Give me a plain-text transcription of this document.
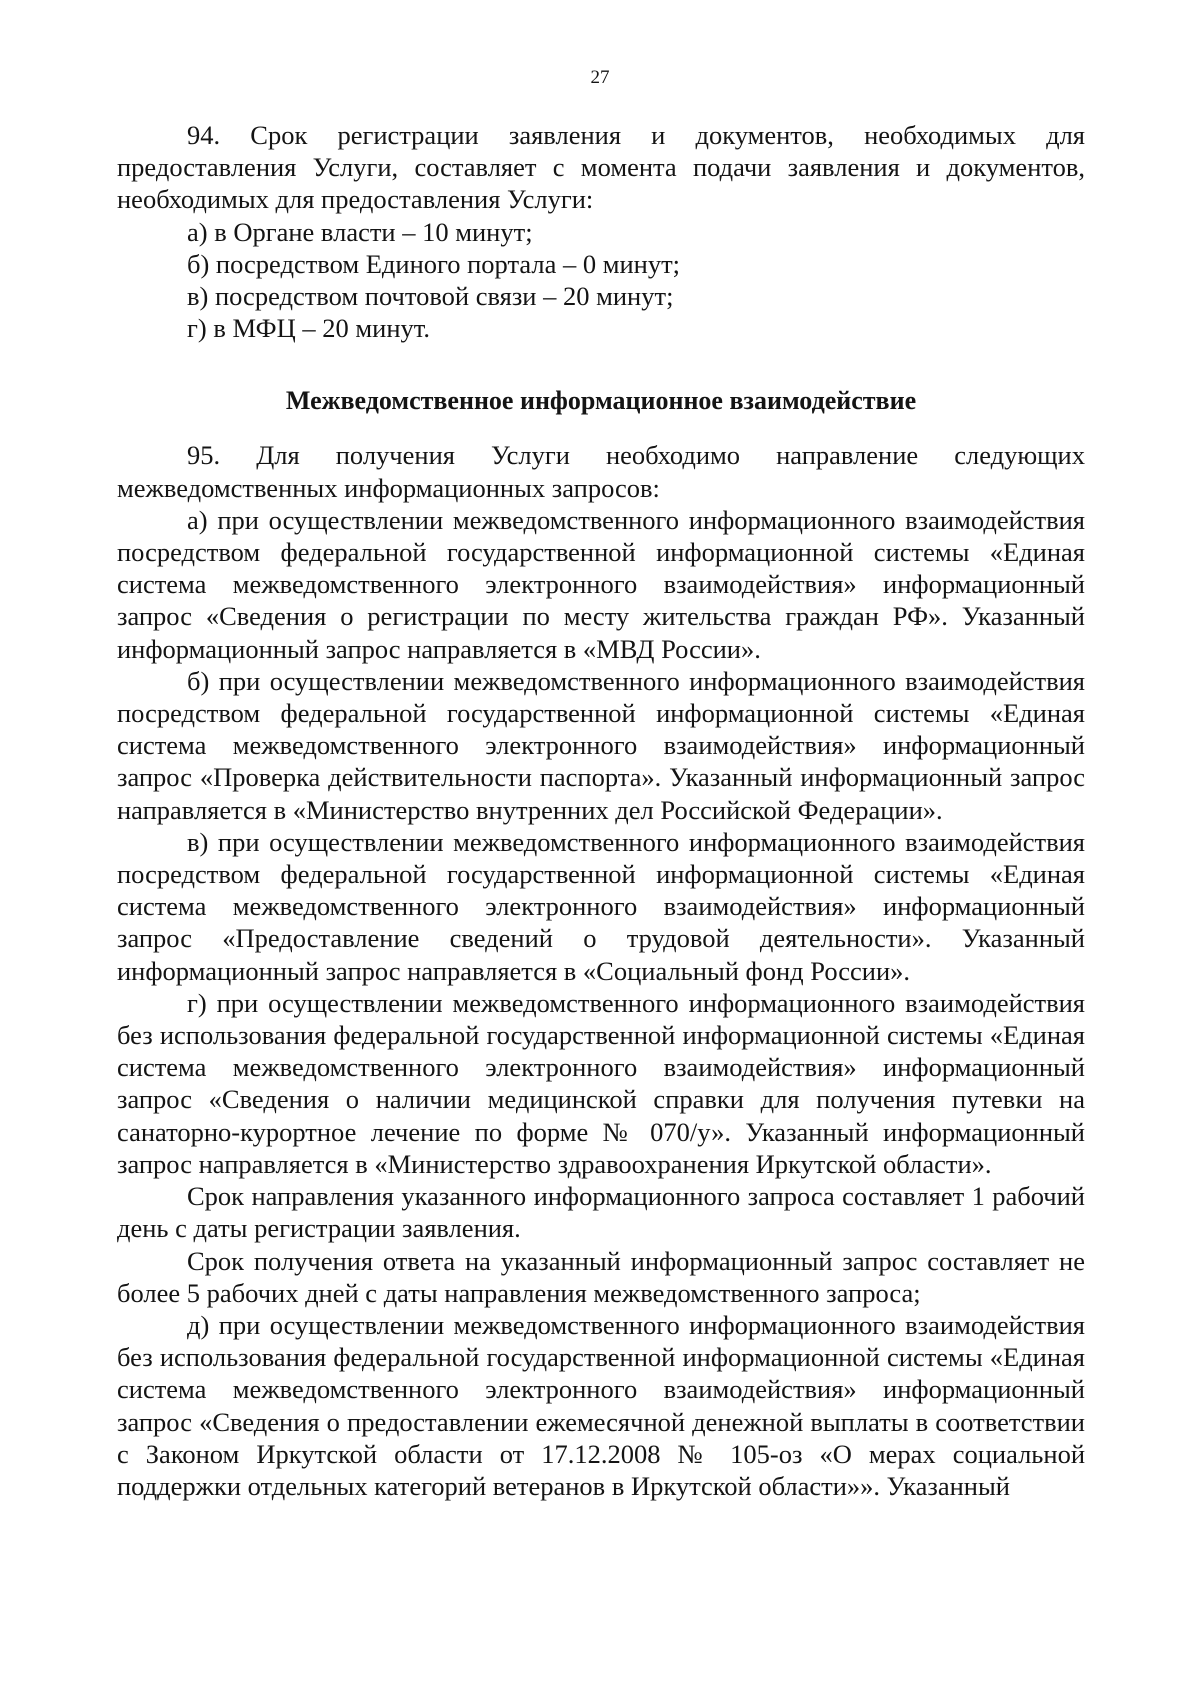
27

94. Срок регистрации заявления и документов, необходимых для предоставления Услуги, составляет с момента подачи заявления и документов, необходимых для предоставления Услуги:

а) в Органе власти – 10 минут;

б) посредством Единого портала – 0 минут;

в) посредством почтовой связи – 20 минут;

г) в МФЦ – 20 минут.

Межведомственное информационное взаимодействие

95. Для получения Услуги необходимо направление следующих межведомственных информационных запросов:

а) при осуществлении межведомственного информационного взаимодействия посредством федеральной государственной информационной системы «Единая система межведомственного электронного взаимодействия» информационный запрос «Сведения о регистрации по месту жительства граждан РФ». Указанный информационный запрос направляется в «МВД России».

б) при осуществлении межведомственного информационного взаимодействия посредством федеральной государственной информационной системы «Единая система межведомственного электронного взаимодействия» информационный запрос «Проверка действительности паспорта». Указанный информационный запрос направляется в «Министерство внутренних дел Российской Федерации».

в) при осуществлении межведомственного информационного взаимодействия посредством федеральной государственной информационной системы «Единая система межведомственного электронного взаимодействия» информационный запрос «Предоставление сведений о трудовой деятельности». Указанный информационный запрос направляется в «Социальный фонд России».

г) при осуществлении межведомственного информационного взаимодействия без использования федеральной государственной информационной системы «Единая система межведомственного электронного взаимодействия» информационный запрос «Сведения о наличии медицинской справки для получения путевки на санаторно-курортное лечение по форме № 070/у». Указанный информационный запрос направляется в «Министерство здравоохранения Иркутской области».

Срок направления указанного информационного запроса составляет 1 рабочий день с даты регистрации заявления.

Срок получения ответа на указанный информационный запрос составляет не более 5 рабочих дней с даты направления межведомственного запроса;

д) при осуществлении межведомственного информационного взаимодействия без использования федеральной государственной информационной системы «Единая система межведомственного электронного взаимодействия» информационный запрос «Сведения о предоставлении ежемесячной денежной выплаты в соответствии с Законом Иркутской области от 17.12.2008 № 105-оз «О мерах социальной поддержки отдельных категорий ветеранов в Иркутской области»». Указанный
